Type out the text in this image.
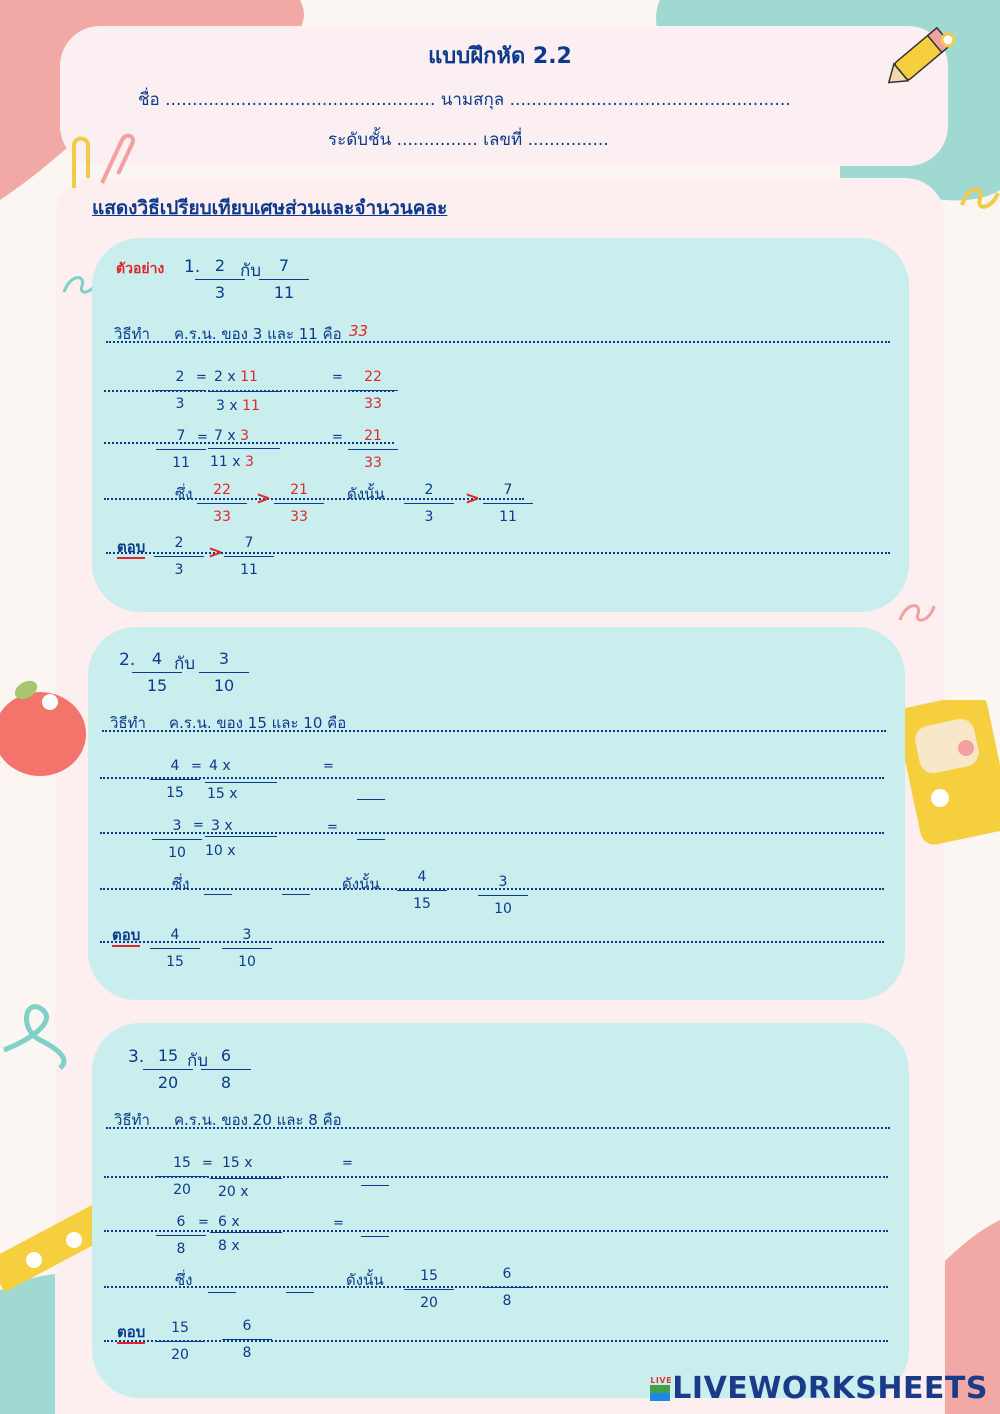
แบบฝึกหัด 2.2
ชื่อ .................................................. นามสกุล ....................................................
ระดับชั้น ............... เลขที่ ...............
แสดงวิธีเปรียบเทียบเศษส่วนและจำนวนคละ
ตัวอย่าง 1. 2
3
กับ	7
11
วิธีทำ ค.ร.น. ของ 3 และ 11 คือ 33
2
3
= 2 x 11
3 x 11
=	22
33
7
11
= 7 x 3
11 x 3
=	21
33
ซึ่ง	22
33
>	21
33
ดังนั้น	2
3
>	7
11
ตอบ	2
3
>	7
11
2.	4
15
กับ	3
10
วิธีทำ ค.ร.น. ของ 15 และ 10 คือ
4
15
= 4 x
15 x
=
3
10
= 3 x
10 x
=
ซึ่ง	ดังนั้น	4
15
3
10
ตอบ	4
15
3
10
3. 15
20
กับ 6
8
วิธีทำ ค.ร.น. ของ 20 และ 8 คือ
15
20
= 15 x
20 x
=
6
8
= 6 x
8 x
=
ซึ่ง	ดังนั้น	15
20
6
8
ตอบ	15
20
6
8
LIVE LIVEWORKSHEETS
